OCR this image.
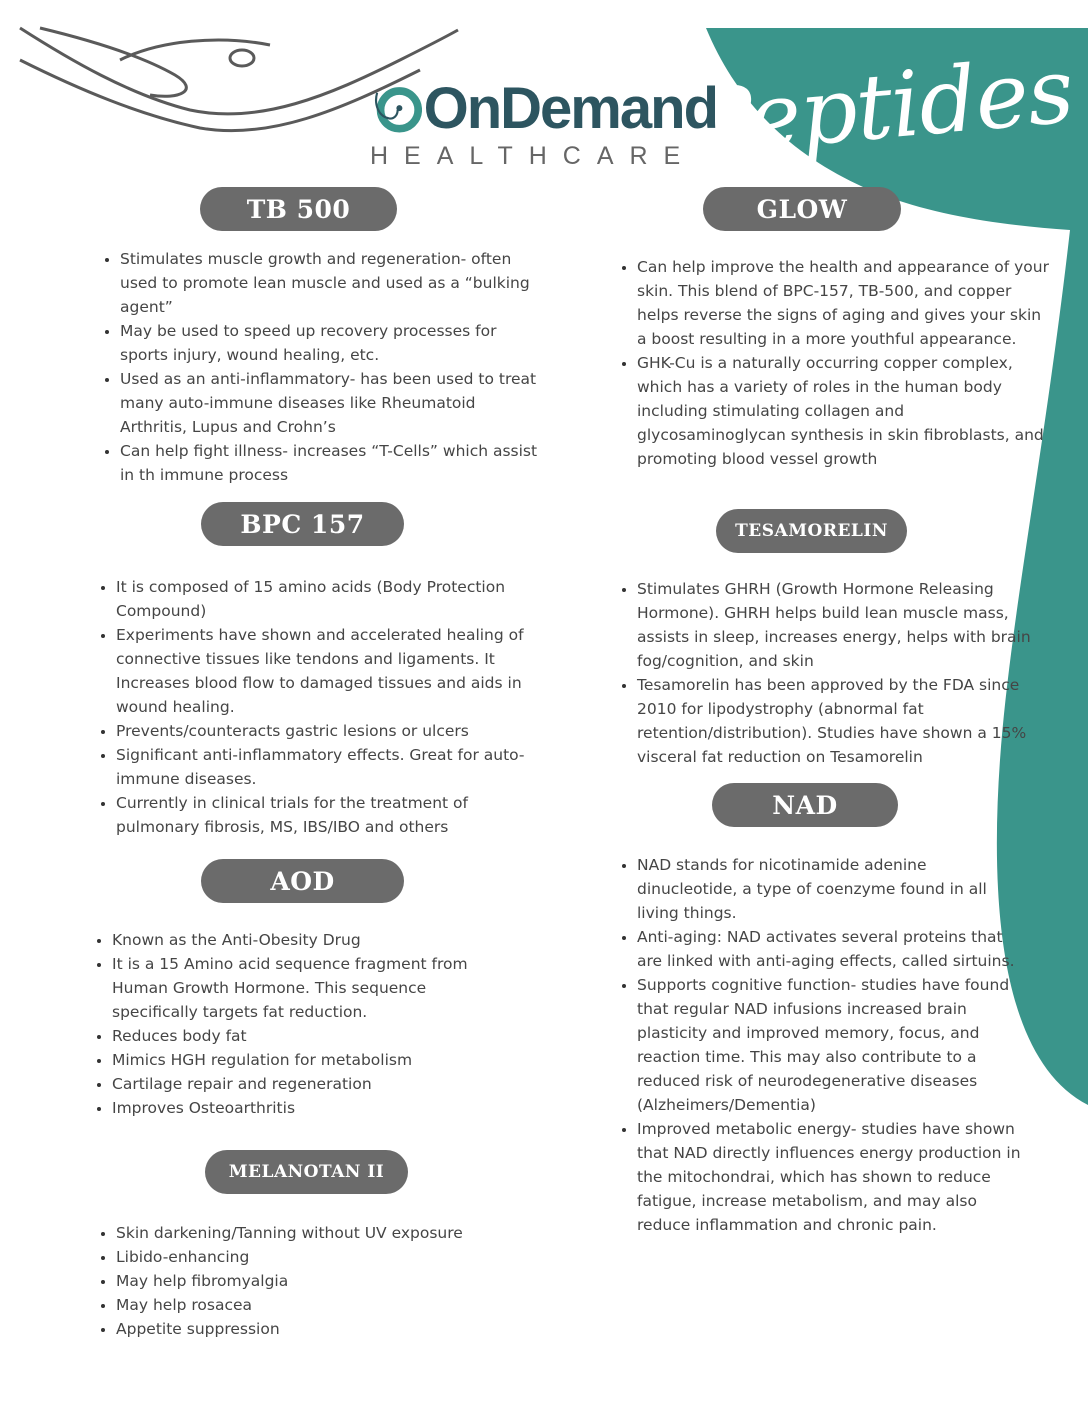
Peptides
OnDemand
HEALTHCARE
TB 500
• Stimulates muscle growth and regeneration- often used to promote lean muscle and used as a “bulking agent”
• May be used to speed up recovery processes for sports injury, wound healing, etc.
• Used as an anti-inflammatory- has been used to treat many auto-immune diseases like Rheumatoid Arthritis, Lupus and Crohn’s
• Can help fight illness- increases “T-Cells” which assist in th immune process
GLOW
• Can help improve the health and appearance of your skin. This blend of BPC-157, TB-500, and copper helps reverse the signs of aging and gives your skin a boost resulting in a more youthful appearance.
• GHK-Cu is a naturally occurring copper complex, which has a variety of roles in the human body including stimulating collagen and glycosaminoglycan synthesis in skin fibroblasts, and promoting blood vessel growth
BPC 157
• It is composed of 15 amino acids (Body Protection Compound)
• Experiments have shown and accelerated healing of connective tissues like tendons and ligaments. It Increases blood flow to damaged tissues and aids in wound healing.
• Prevents/counteracts gastric lesions or ulcers
• Significant anti-inflammatory effects. Great for auto-immune diseases.
• Currently in clinical trials for the treatment of pulmonary fibrosis, MS, IBS/IBO and others
TESAMORELIN
• Stimulates GHRH (Growth Hormone Releasing Hormone). GHRH helps build lean muscle mass, assists in sleep, increases energy, helps with brain fog/cognition, and skin
• Tesamorelin has been approved by the FDA since 2010 for lipodystrophy (abnormal fat retention/distribution). Studies have shown a 15% visceral fat reduction on Tesamorelin
AOD
• Known as the Anti-Obesity Drug
• It is a 15 Amino acid sequence fragment from Human Growth Hormone. This sequence specifically targets fat reduction.
• Reduces body fat
• Mimics HGH regulation for metabolism
• Cartilage repair and regeneration
• Improves Osteoarthritis
NAD
• NAD stands for nicotinamide adenine dinucleotide, a type of coenzyme found in all living things.
• Anti-aging: NAD activates several proteins that are linked with anti-aging effects, called sirtuins.
• Supports cognitive function- studies have found that regular NAD infusions increased brain plasticity and improved memory, focus, and reaction time. This may also contribute to a reduced risk of neurodegenerative diseases (Alzheimers/Dementia)
• Improved metabolic energy- studies have shown that NAD directly influences energy production in the mitochondrai, which has shown to reduce fatigue, increase metabolism, and may also reduce inflammation and chronic pain.
MELANOTAN II
• Skin darkening/Tanning without UV exposure
• Libido-enhancing
• May help fibromyalgia
• May help rosacea
• Appetite suppression
